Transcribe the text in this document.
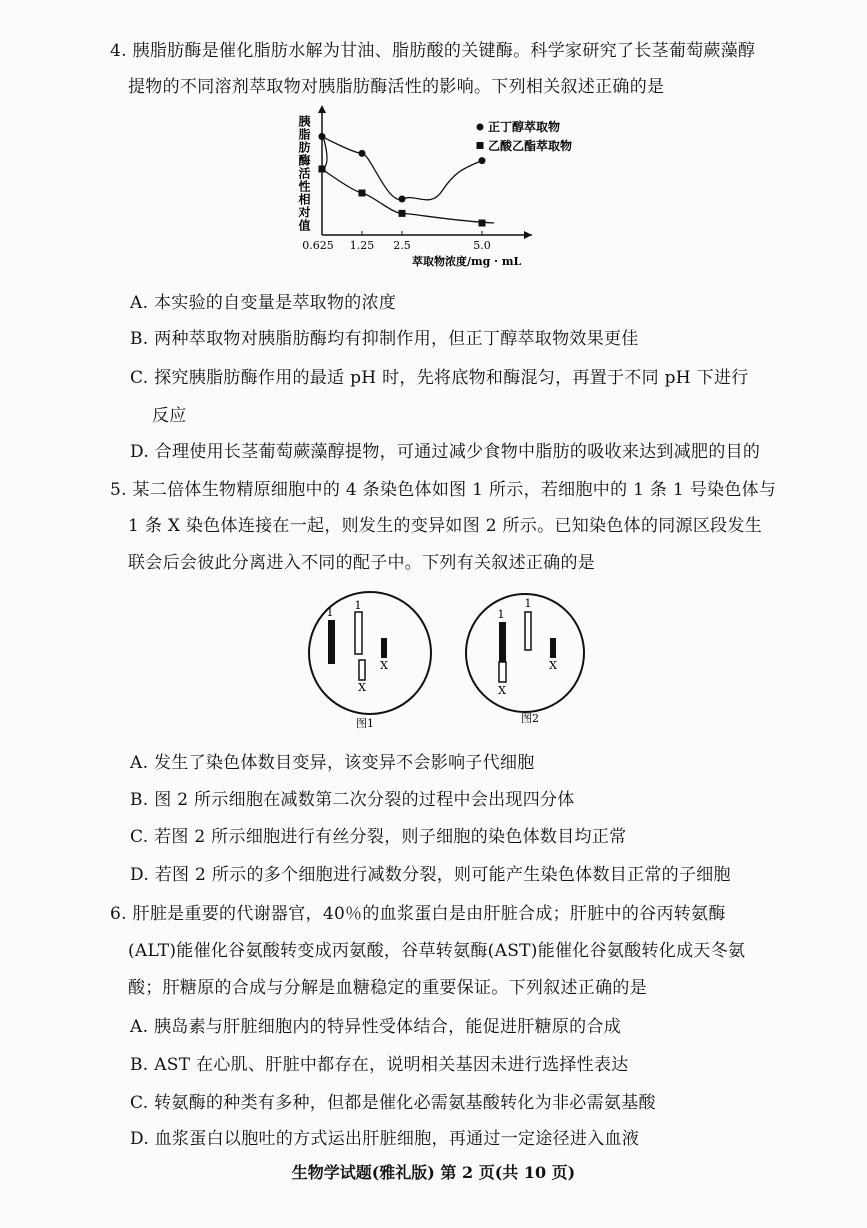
4. 胰脂肪酶是催化脂肪水解为甘油、脂肪酸的关键酶。科学家研究了长茎葡萄蕨藻醇
提物的不同溶剂萃取物对胰脂肪酶活性的影响。下列相关叙述正确的是
胰脂肪酶活性相对值
0.625 1.25 2.5	5.0
萃取物浓度/mg · mL
正丁醇萃取物
乙酸乙酯萃取物
A. 本实验的自变量是萃取物的浓度
B. 两种萃取物对胰脂肪酶均有抑制作用，但正丁醇萃取物效果更佳
C. 探究胰脂肪酶作用的最适 pH 时，先将底物和酶混匀，再置于不同 pH 下进行
反应
D. 合理使用长茎葡萄蕨藻醇提物，可通过减少食物中脂肪的吸收来达到减肥的目的
5. 某二倍体生物精原细胞中的 4 条染色体如图 1 所示，若细胞中的 1 条 1 号染色体与
1 条 X 染色体连接在一起，则发生的变异如图 2 所示。已知染色体的同源区段发生
联会后会彼此分离进入不同的配子中。下列有关叙述正确的是
1
1
X
X
图1
1
X
1
X
图2
A. 发生了染色体数目变异，该变异不会影响子代细胞
B. 图 2 所示细胞在减数第二次分裂的过程中会出现四分体
C. 若图 2 所示细胞进行有丝分裂，则子细胞的染色体数目均正常
D. 若图 2 所示的多个细胞进行减数分裂，则可能产生染色体数目正常的子细胞
6. 肝脏是重要的代谢器官，40％的血浆蛋白是由肝脏合成；肝脏中的谷丙转氨酶
(ALT)能催化谷氨酸转变成丙氨酸，谷草转氨酶(AST)能催化谷氨酸转化成天冬氨
酸；肝糖原的合成与分解是血糖稳定的重要保证。下列叙述正确的是
A. 胰岛素与肝脏细胞内的特异性受体结合，能促进肝糖原的合成
B. AST 在心肌、肝脏中都存在，说明相关基因未进行选择性表达
C. 转氨酶的种类有多种，但都是催化必需氨基酸转化为非必需氨基酸
D. 血浆蛋白以胞吐的方式运出肝脏细胞，再通过一定途径进入血液
生物学试题(雅礼版) 第 2 页(共 10 页)
